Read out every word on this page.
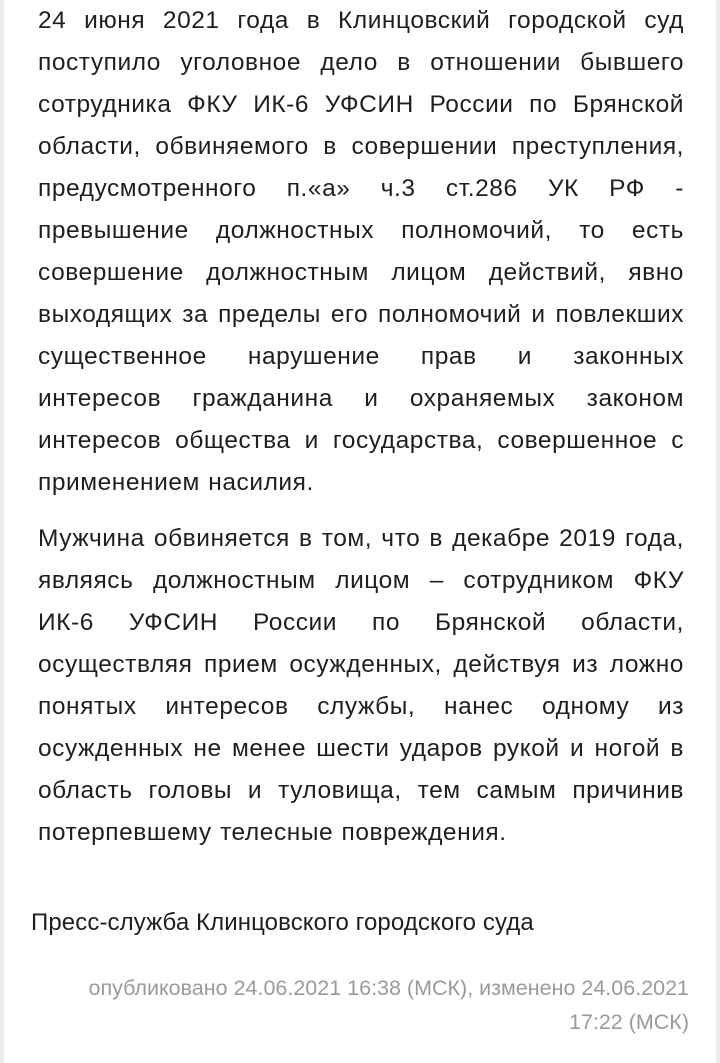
24 июня 2021 года в Клинцовский городской суд поступило уголовное дело в отношении бывшего сотрудника ФКУ ИК-6 УФСИН России по Брянской области, обвиняемого в совершении преступления, предусмотренного п.«а» ч.3 ст.286 УК РФ - превышение должностных полномочий, то есть совершение должностным лицом действий, явно выходящих за пределы его полномочий и повлекших существенное нарушение прав и законных интересов гражданина и охраняемых законом интересов общества и государства, совершенное с применением насилия.

Мужчина обвиняется в том, что в декабре 2019 года, являясь должностным лицом – сотрудником ФКУ ИК-6 УФСИН России по Брянской области, осуществляя прием осужденных, действуя из ложно понятых интересов службы, нанес одному из осужденных не менее шести ударов рукой и ногой в область головы и туловища, тем самым причинив потерпевшему телесные повреждения.

Пресс-служба Клинцовского городского суда

опубликовано 24.06.2021 16:38 (МСК), изменено 24.06.2021 17:22 (МСК)
